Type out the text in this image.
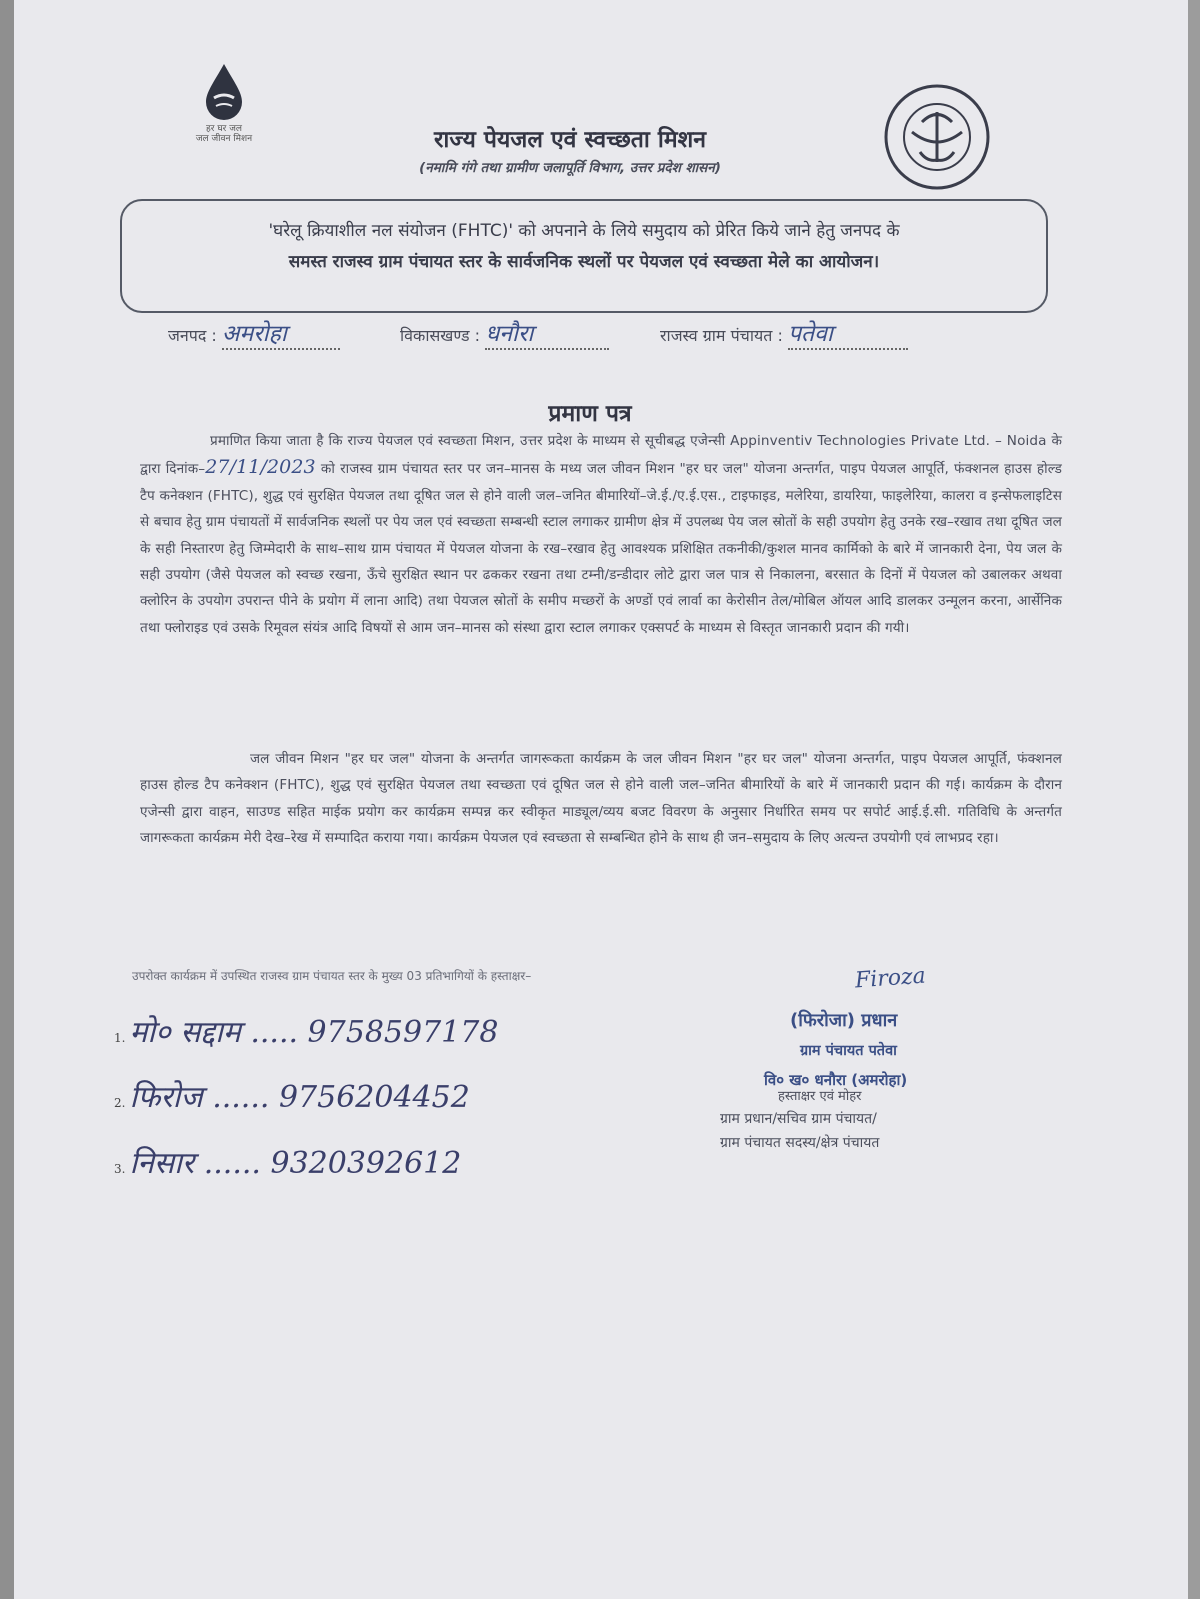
हर घर जल
जल जीवन मिशन	राज्य पेयजल एवं स्वच्छता मिशन
(नमामि गंगे तथा ग्रामीण जलापूर्ति विभाग, उत्तर प्रदेश शासन)
'घरेलू क्रियाशील नल संयोजन (FHTC)' को अपनाने के लिये समुदाय को प्रेरित किये जाने हेतु जनपद के
समस्त राजस्व ग्राम पंचायत स्तर के सार्वजनिक स्थलों पर पेयजल एवं स्वच्छता मेले का आयोजन।
जनपद : अमरोहा	विकासखण्ड : धनौरा	राजस्व ग्राम पंचायत : पतेवा
प्रमाण पत्र
प्रमाणित किया जाता है कि राज्य पेयजल एवं स्वच्छता मिशन, उत्तर प्रदेश के माध्यम से सूचीबद्ध एजेन्सी Appinventiv Technologies Private Ltd. – Noida के द्वारा दिनांक–27/11/2023 को राजस्व ग्राम पंचायत स्तर पर जन–मानस के मध्य जल जीवन मिशन "हर घर जल" योजना अन्तर्गत, पाइप पेयजल आपूर्ति, फंक्शनल हाउस होल्ड टैप कनेक्शन (FHTC), शुद्ध एवं सुरक्षित पेयजल तथा दूषित जल से होने वाली जल–जनित बीमारियों–जे.ई./ए.ई.एस., टाइफाइड, मलेरिया, डायरिया, फाइलेरिया, कालरा व इन्सेफलाइटिस से बचाव हेतु ग्राम पंचायतों में सार्वजनिक स्थलों पर पेय जल एवं स्वच्छता सम्बन्धी स्टाल लगाकर ग्रामीण क्षेत्र में उपलब्ध पेय जल स्रोतों के सही उपयोग हेतु उनके रख–रखाव तथा दूषित जल के सही निस्तारण हेतु जिम्मेदारी के साथ–साथ ग्राम पंचायत में पेयजल योजना के रख–रखाव हेतु आवश्यक प्रशिक्षित तकनीकी/कुशल मानव कार्मिको के बारे में जानकारी देना, पेय जल के सही उपयोग (जैसे पेयजल को स्वच्छ रखना, ऊँचे सुरक्षित स्थान पर ढककर रखना तथा टम्नी/डन्डीदार लोटे द्वारा जल पात्र से निकालना, बरसात के दिनों में पेयजल को उबालकर अथवा क्लोरिन के उपयोग उपरान्त पीने के प्रयोग में लाना आदि) तथा पेयजल स्रोतों के समीप मच्छरों के अण्डों एवं लार्वा का केरोसीन तेल/मोबिल ऑयल आदि डालकर उन्मूलन करना, आर्सेनिक तथा फ्लोराइड एवं उसके रिमूवल संयंत्र आदि विषयों से आम जन–मानस को संस्था द्वारा स्टाल लगाकर एक्सपर्ट के माध्यम से विस्तृत जानकारी प्रदान की गयी।
जल जीवन मिशन "हर घर जल" योजना के अन्तर्गत जागरूकता कार्यक्रम के जल जीवन मिशन "हर घर जल" योजना अन्तर्गत, पाइप पेयजल आपूर्ति, फंक्शनल हाउस होल्ड टैप कनेक्शन (FHTC), शुद्ध एवं सुरक्षित पेयजल तथा स्वच्छता एवं दूषित जल से होने वाली जल–जनित बीमारियों के बारे में जानकारी प्रदान की गई। कार्यक्रम के दौरान एजेन्सी द्वारा वाहन, साउण्ड सहित माईक प्रयोग कर कार्यक्रम सम्पन्न कर स्वीकृत माड्यूल/व्यय बजट विवरण के अनुसार निर्धारित समय पर सपोर्ट आई.ई.सी. गतिविधि के अन्तर्गत जागरूकता कार्यक्रम मेरी देख–रेख में सम्पादित कराया गया। कार्यक्रम पेयजल एवं स्वच्छता से सम्बन्धित होने के साथ ही जन–समुदाय के लिए अत्यन्त उपयोगी एवं लाभप्रद रहा।
उपरोक्त कार्यक्रम में उपस्थित राजस्व ग्राम पंचायत स्तर के मुख्य 03 प्रतिभागियों के हस्ताक्षर–
1. मो० सद्दाम ..... 9758597178
2. फिरोज ...... 9756204452
3. निसार ...... 9320392612
Firoza
(फिरोजा) प्रधान
ग्राम पंचायत पतेवा
वि० ख० धनौरा (अमरोहा)
हस्ताक्षर एवं मोहर
ग्राम प्रधान/सचिव ग्राम पंचायत/
ग्राम पंचायत सदस्य/क्षेत्र पंचायत
